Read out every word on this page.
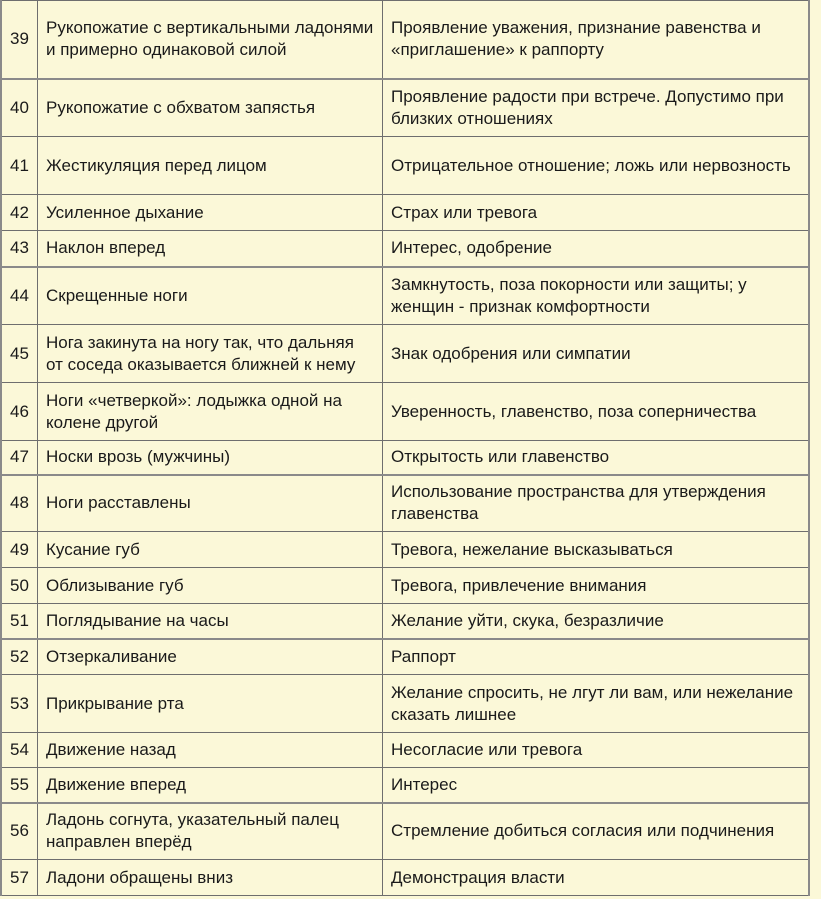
39	Рукопожатие с вертикальными ладонями и примерно одинаковой силой	Проявление уважения, признание равенства и «приглашение» к раппорту
40	Рукопожатие с обхватом запястья	Проявление радости при встрече. Допустимо при близких отношениях
41	Жестикуляция перед лицом	Отрицательное отношение; ложь или нервозность
42	Усиленное дыхание	Страх или тревога
43	Наклон вперед	Интерес, одобрение
44	Скрещенные ноги	Замкнутость, поза покорности или защиты; у женщин - признак комфортности
45	Нога закинута на ногу так, что дальняя от соседа оказывается ближней к нему	Знак одобрения или симпатии
46	Ноги «четверкой»: лодыжка одной на колене другой	Уверенность, главенство, поза соперничества
47	Носки врозь (мужчины)	Открытость или главенство
48	Ноги расставлены	Использование пространства для утверждения главенства
49	Кусание губ	Тревога, нежелание высказываться
50	Облизывание губ	Тревога, привлечение внимания
51	Поглядывание на часы	Желание уйти, скука, безразличие
52	Отзеркаливание	Раппорт
53	Прикрывание рта	Желание спросить, не лгут ли вам, или нежелание сказать лишнее
54	Движение назад	Несогласие или тревога
55	Движение вперед	Интерес
56	Ладонь согнута, указательный палец направлен вперёд	Стремление добиться согласия или подчинения
57	Ладони обращены вниз	Демонстрация власти
